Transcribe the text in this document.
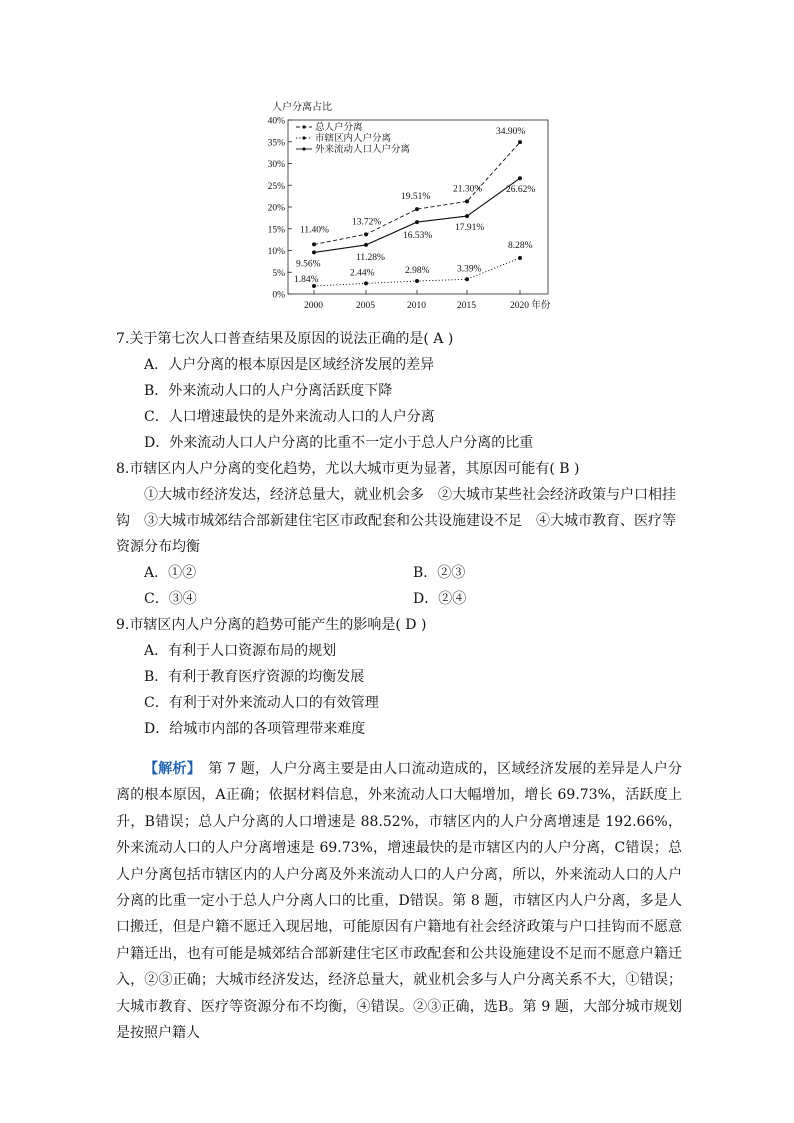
人户分离占比
0%
5%
10%
15%
20%
25%
30%
35%
40%
2000	2005	2010	2015	2020 年份
11.40%
13.72%
19.51%
21.30%
34.90%
1.84%
2.44%	2.98%	3.39%
8.28%
9.56%
11.28%
16.53%
17.91%
26.62%
总人户分离
市辖区内人户分离
外来流动人口人户分离
7.关于第七次人口普查结果及原因的说法正确的是( A )
A．人户分离的根本原因是区域经济发展的差异
B．外来流动人口的人户分离活跃度下降
C．人口增速最快的是外来流动人口的人户分离
D．外来流动人口人户分离的比重不一定小于总人户分离的比重
8.市辖区内人户分离的变化趋势，尤以大城市更为显著，其原因可能有( B )
①大城市经济发达，经济总量大，就业机会多　②大城市某些社会经济政策与户口相挂
钩　③大城市城郊结合部新建住宅区市政配套和公共设施建设不足　④大城市教育、医疗等
资源分布均衡
A．①②	B．②③
C．③④	D．②④
9.市辖区内人户分离的趋势可能产生的影响是( D )
A．有利于人口资源布局的规划
B．有利于教育医疗资源的均衡发展
C．有利于对外来流动人口的有效管理
D．给城市内部的各项管理带来难度
【解析】　 第 7 题，人户分离主要是由人口流动造成的，区域经济发展的差异是人户分离的根本原因，A正确；依据材料信息，外来流动人口大幅增加，增长 69.73%，活跃度上升，B错误；总人户分离的人口增速是 88.52%，市辖区内的人户分离增速是 192.66%，外来流动人口的人户分离增速是 69.73%，增速最快的是市辖区内的人户分离，C错误；总人户分离包括市辖区内的人户分离及外来流动人口的人户分离，所以，外来流动人口的人户分离的比重一定小于总人户分离人口的比重，D错误。第 8 题，市辖区内人户分离，多是人口搬迁，但是户籍不愿迁入现居地，可能原因有户籍地有社会经济政策与户口挂钩而不愿意户籍迁出，也有可能是城郊结合部新建住宅区市政配套和公共设施建设不足而不愿意户籍迁入，②③正确；大城市经济发达，经济总量大，就业机会多与人户分离关系不大，①错误；大城市教育、医疗等资源分布不均衡，④错误。②③正确，选B。第 9 题，大部分城市规划是按照户籍人
